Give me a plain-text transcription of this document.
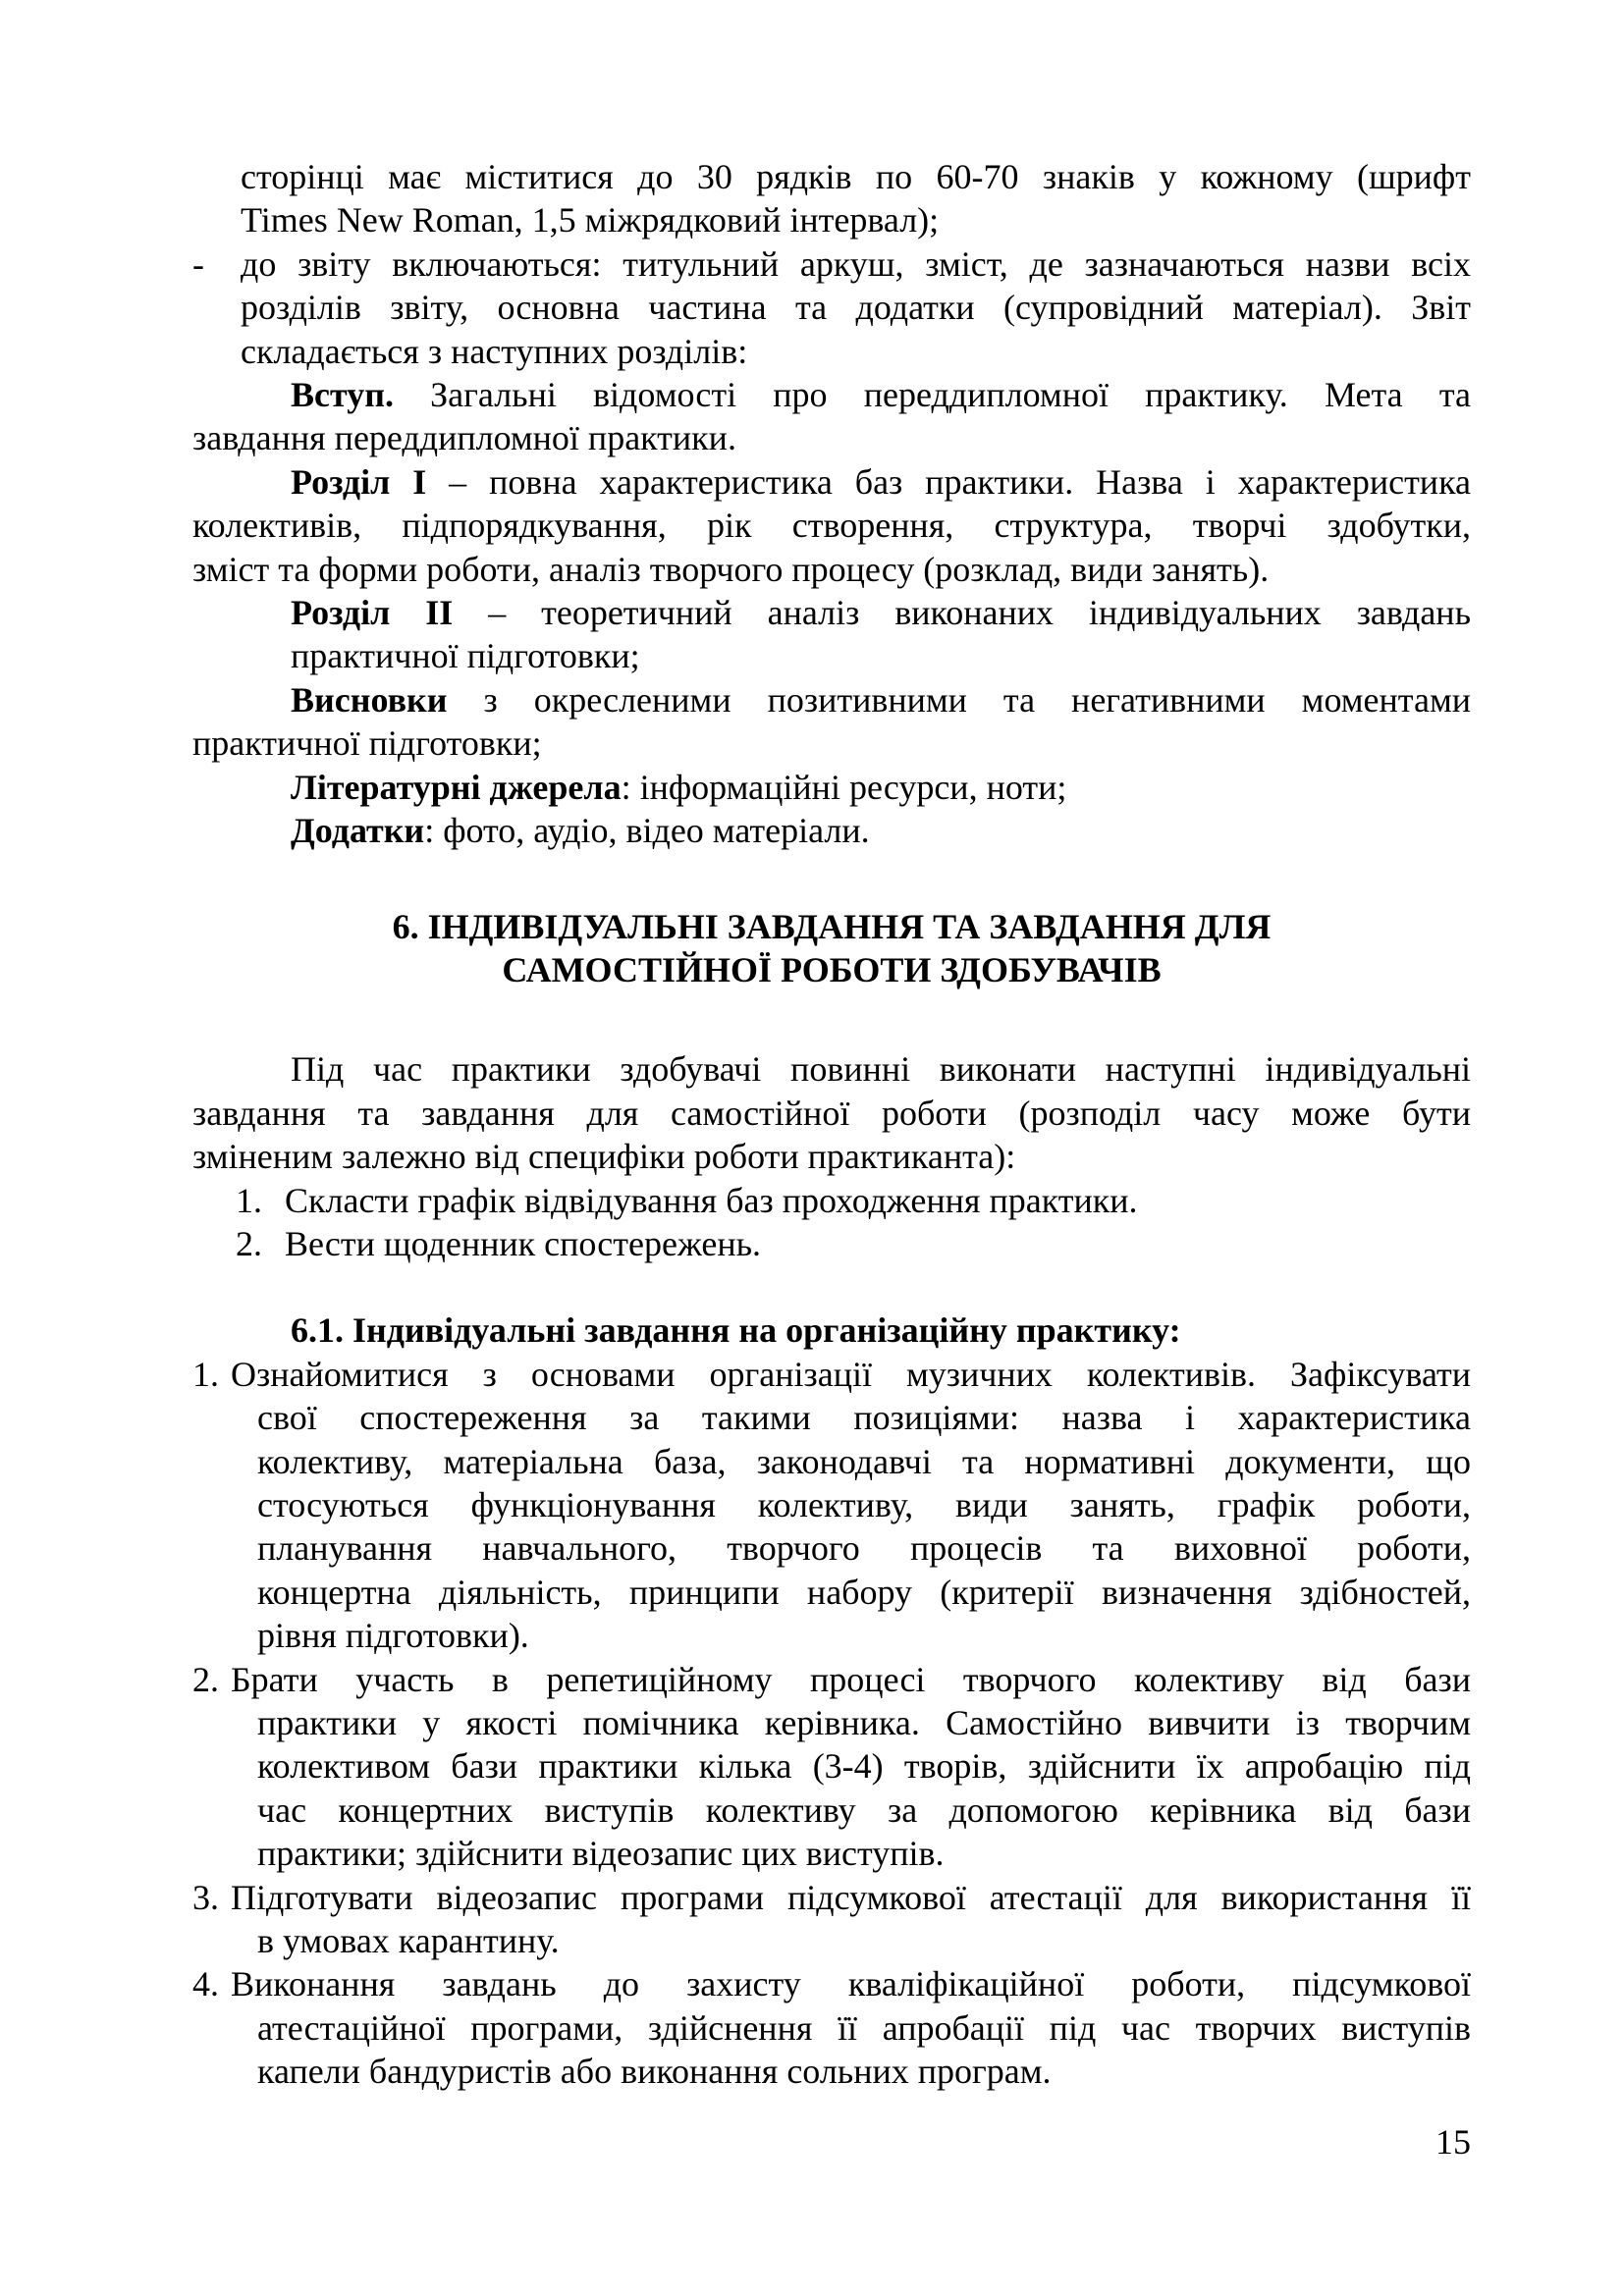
сторінці має міститися до 30 рядків по 60-70 знаків у кожному (шрифт
Times New Roman, 1,5 міжрядковий інтервал);
- до звіту включаються: титульний аркуш, зміст, де зазначаються назви всіх
розділів звіту, основна частина та додатки (супровідний матеріал). Звіт
складається з наступних розділів:
Вступ. Загальні відомості про переддипломної практику. Мета та
завдання переддипломної практики.
Розділ І – повна характеристика баз практики. Назва і характеристика
колективів, підпорядкування, рік створення, структура, творчі здобутки,
зміст та форми роботи, аналіз творчого процесу (розклад, види занять).
Розділ ІІ – теоретичний аналіз виконаних індивідуальних завдань
практичної підготовки;
Висновки з окресленими позитивними та негативними моментами
практичної підготовки;
Літературні джерела: інформаційні ресурси, ноти;
Додатки: фото, аудіо, відео матеріали.
6. ІНДИВІДУАЛЬНІ ЗАВДАННЯ ТА ЗАВДАННЯ ДЛЯ
САМОСТІЙНОЇ РОБОТИ ЗДОБУВАЧІВ
Під час практики здобувачі повинні виконати наступні індивідуальні
завдання та завдання для самостійної роботи (розподіл часу може бути
зміненим залежно від специфіки роботи практиканта):
1. Скласти графік відвідування баз проходження практики.
2. Вести щоденник спостережень.
6.1. Індивідуальні завдання на організаційну практику:
1. Ознайомитися з основами організації музичних колективів. Зафіксувати
свої спостереження за такими позиціями: назва і характеристика
колективу, матеріальна база, законодавчі та нормативні документи, що
стосуються функціонування колективу, види занять, графік роботи,
планування навчального, творчого процесів та виховної роботи,
концертна діяльність, принципи набору (критерії визначення здібностей,
рівня підготовки).
2. Брати участь в репетиційному процесі творчого колективу від бази
практики у якості помічника керівника. Самостійно вивчити із творчим
колективом бази практики кілька (3-4) творів, здійснити їх апробацію під
час концертних виступів колективу за допомогою керівника від бази
практики; здійснити відеозапис цих виступів.
3. Підготувати відеозапис програми підсумкової атестації для використання її
в умовах карантину.
4. Виконання завдань до захисту кваліфікаційної роботи, підсумкової
атестаційної програми, здійснення її апробації під час творчих виступів
капели бандуристів або виконання сольних програм.
15
